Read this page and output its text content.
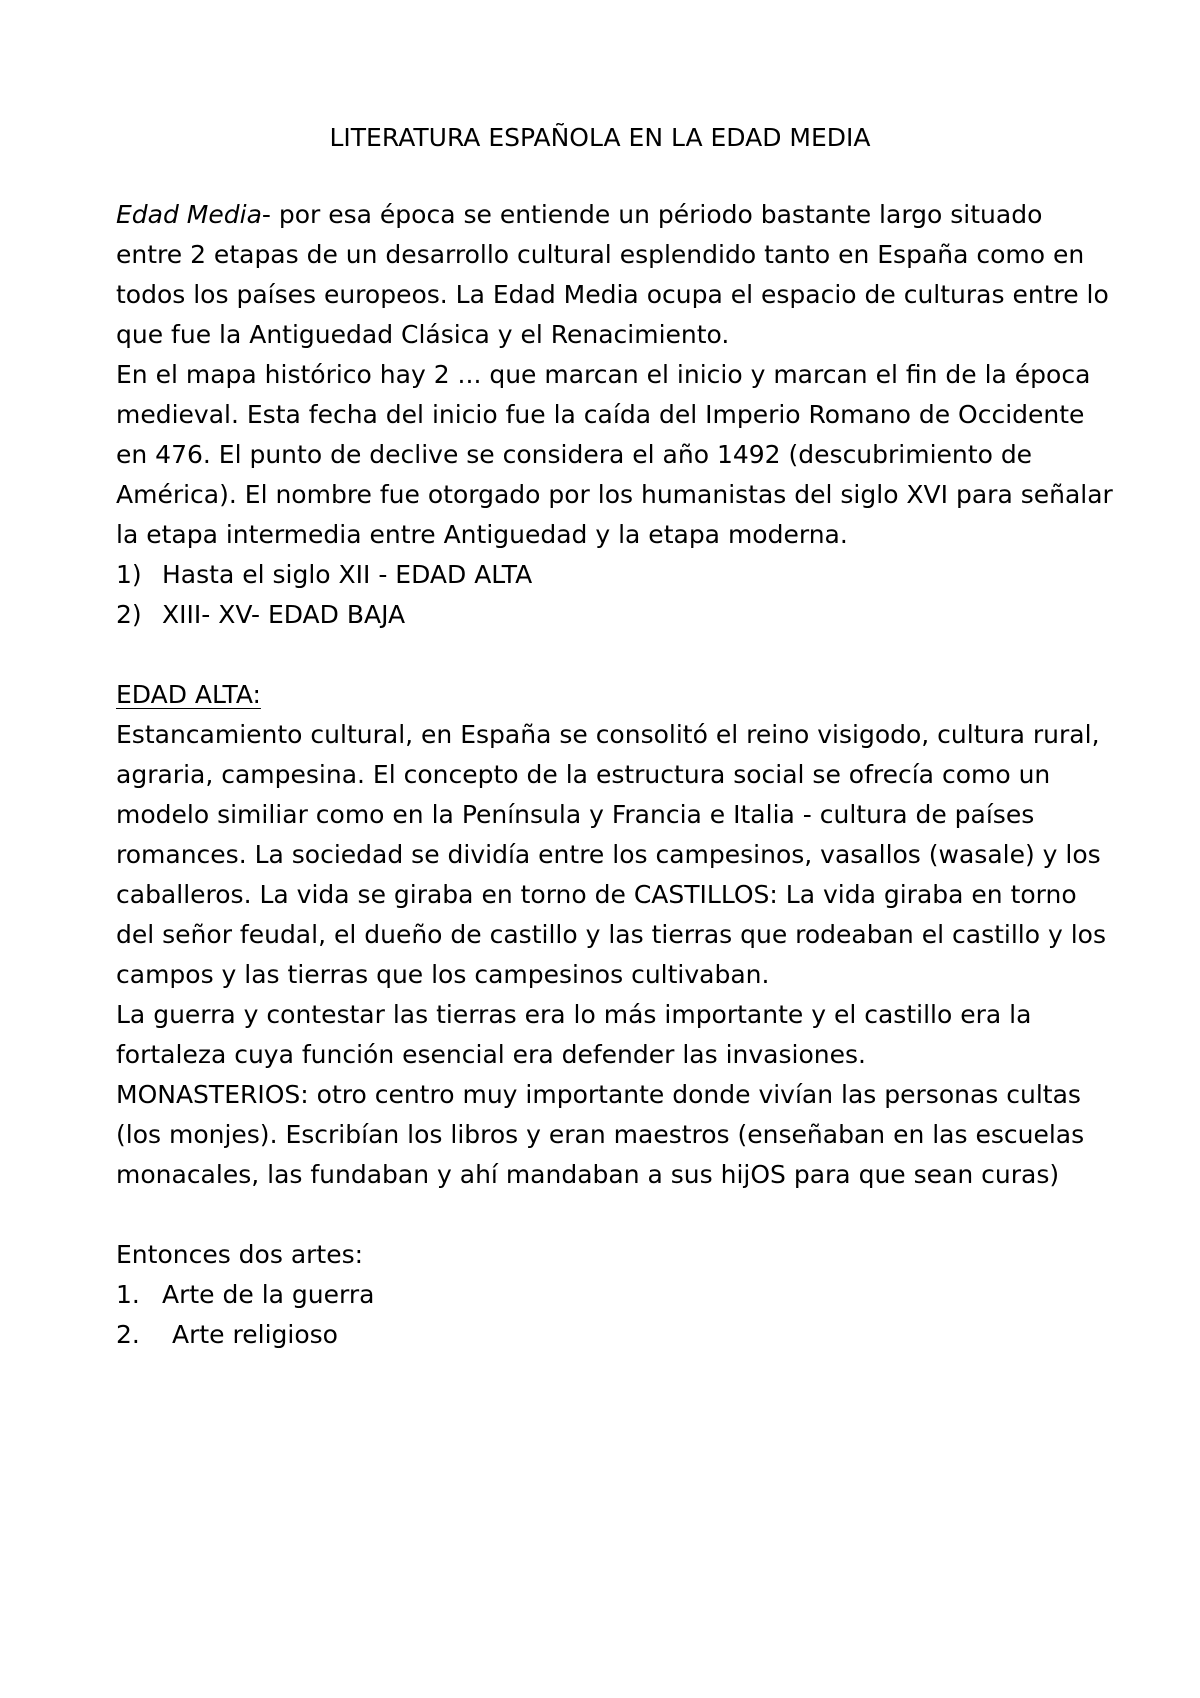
LITERATURA ESPAÑOLA EN LA EDAD MEDIA

Edad Media- por esa época se entiende un périodo bastante largo situado entre 2 etapas de un desarrollo cultural esplendido tanto en España como en todos los países europeos. La Edad Media ocupa el espacio de culturas entre lo que fue la Antiguedad Clásica y el Renacimiento.

En el mapa histórico hay 2 ... que marcan el inicio y marcan el fin de la época medieval. Esta fecha del inicio fue la caída del Imperio Romano de Occidente en 476. El punto de declive se considera el año 1492 (descubrimiento de América). El nombre fue otorgado por los humanistas del siglo XVI para señalar la etapa intermedia entre Antiguedad y la etapa moderna.

1) Hasta el siglo XII - EDAD ALTA
2) XIII- XV- EDAD BAJA

EDAD ALTA:

Estancamiento cultural, en España se consolitó el reino visigodo, cultura rural, agraria, campesina. El concepto de la estructura social se ofrecía como un modelo similiar como en la Península y Francia e Italia - cultura de países romances. La sociedad se dividía entre los campesinos, vasallos (wasale) y los caballeros. La vida se giraba en torno de CASTILLOS: La vida giraba en torno del señor feudal, el dueño de castillo y las tierras que rodeaban el castillo y los campos y las tierras que los campesinos cultivaban.

La guerra y contestar las tierras era lo más importante y el castillo era la fortaleza cuya función esencial era defender las invasiones.

MONASTERIOS: otro centro muy importante donde vivían las personas cultas (los monjes). Escribían los libros y eran maestros (enseñaban en las escuelas monacales, las fundaban y ahí mandaban a sus hijOS para que sean curas)

Entonces dos artes:

1. Arte de la guerra
2.	Arte religioso
